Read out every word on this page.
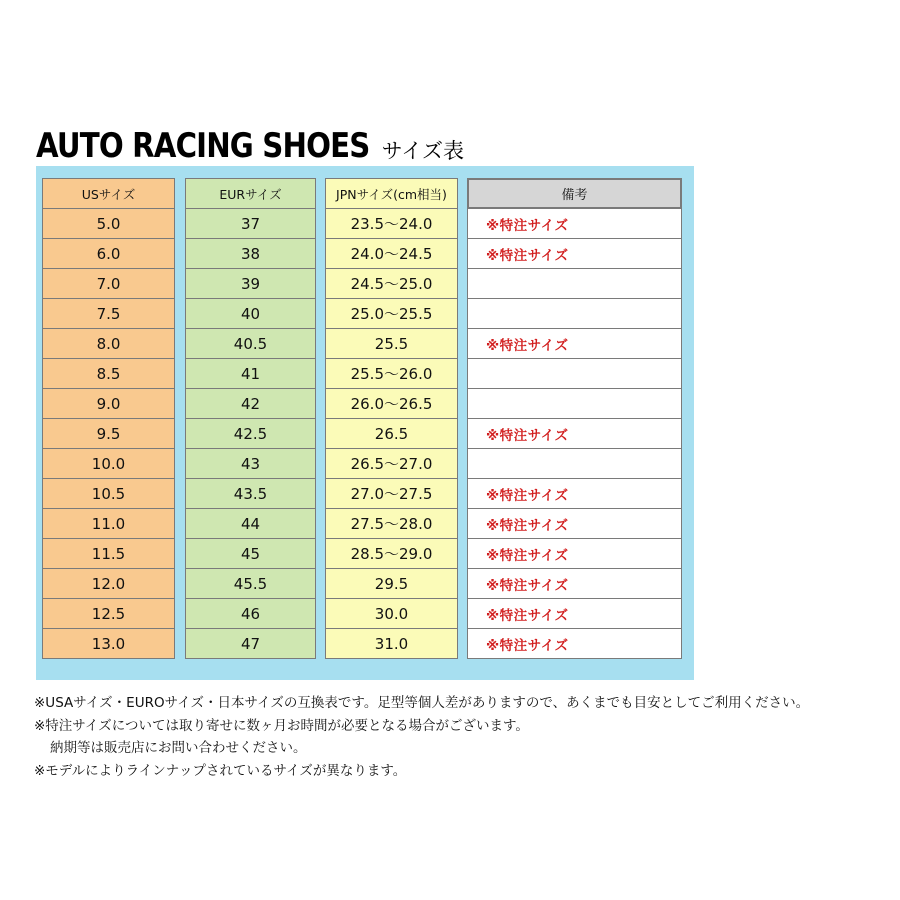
AUTO RACING SHOES サイズ表
USサイズ
5.0
6.0
7.0
7.5
8.0
8.5
9.0
9.5
10.0
10.5
11.0
11.5
12.0
12.5
13.0
EURサイズ
37
38
39
40
40.5
41
42
42.5
43
43.5
44
45
45.5
46
47
JPNサイズ(cm相当)
23.5〜24.0
24.0〜24.5
24.5〜25.0
25.0〜25.5
25.5
25.5〜26.0
26.0〜26.5
26.5
26.5〜27.0
27.0〜27.5
27.5〜28.0
28.5〜29.0
29.5
30.0
31.0
備考
※特注サイズ
※特注サイズ
※特注サイズ
※特注サイズ
※特注サイズ
※特注サイズ
※特注サイズ
※特注サイズ
※特注サイズ
※特注サイズ
※USAサイズ・EUROサイズ・日本サイズの互換表です。足型等個人差がありますので、あくまでも目安としてご利用ください。
※特注サイズについては取り寄せに数ヶ月お時間が必要となる場合がございます。
納期等は販売店にお問い合わせください。
※モデルによりラインナップされているサイズが異なります。
